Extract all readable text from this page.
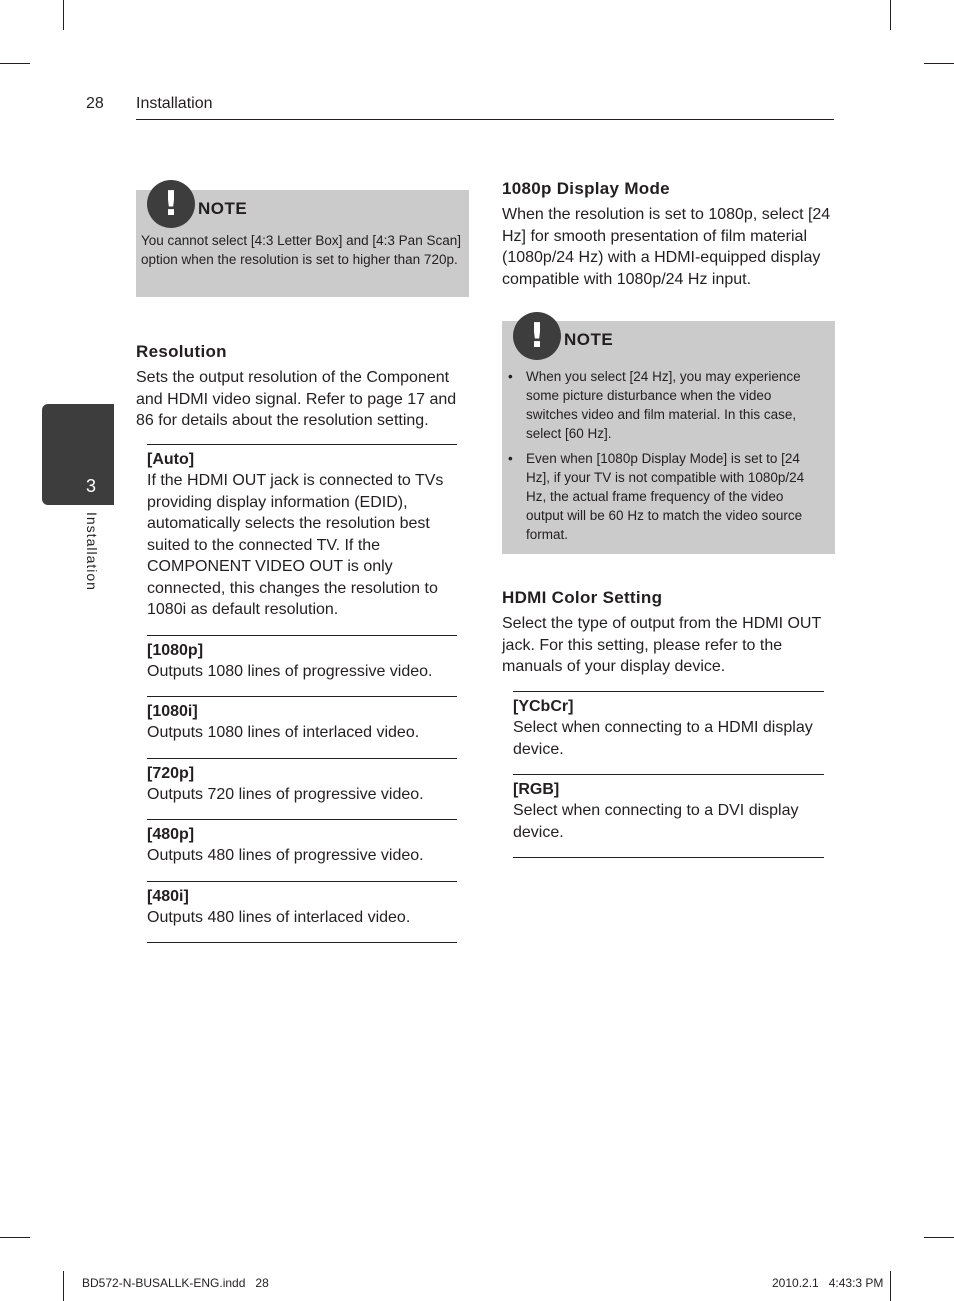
28 Installation
3
Installation
!	NOTE
You cannot select [4:3 Letter Box] and [4:3 Pan Scan] option when the resolution is set to higher than 720p.
Resolution
Sets the output resolution of the Component and HDMI video signal. Refer to page 17 and 86 for details about the resolution setting.
[Auto]
If the HDMI OUT jack is connected to TVs providing display information (EDID), automatically selects the resolution best suited to the connected TV. If the COMPONENT VIDEO OUT is only connected, this changes the resolution to 1080i as default resolution.
[1080p]
Outputs 1080 lines of progressive video.
[1080i]
Outputs 1080 lines of interlaced video.
[720p]
Outputs 720 lines of progressive video.
[480p]
Outputs 480 lines of progressive video.
[480i]
Outputs 480 lines of interlaced video.
1080p Display Mode
When the resolution is set to 1080p, select [24 Hz] for smooth presentation of film material (1080p/24 Hz) with a HDMI-equipped display compatible with 1080p/24 Hz input.
!	NOTE
• When you select [24 Hz], you may experience some picture disturbance when the video switches video and film material. In this case, select [60 Hz].
• Even when [1080p Display Mode] is set to [24 Hz], if your TV is not compatible with 1080p/24 Hz, the actual frame frequency of the video output will be 60 Hz to match the video source format.
HDMI Color Setting
Select the type of output from the HDMI OUT jack. For this setting, please refer to the manuals of your display device.
[YCbCr]
Select when connecting to a HDMI display device.
[RGB]
Select when connecting to a DVI display device.
BD572-N-BUSALLK-ENG.indd   28	2010.2.1   4:43:3 PM
